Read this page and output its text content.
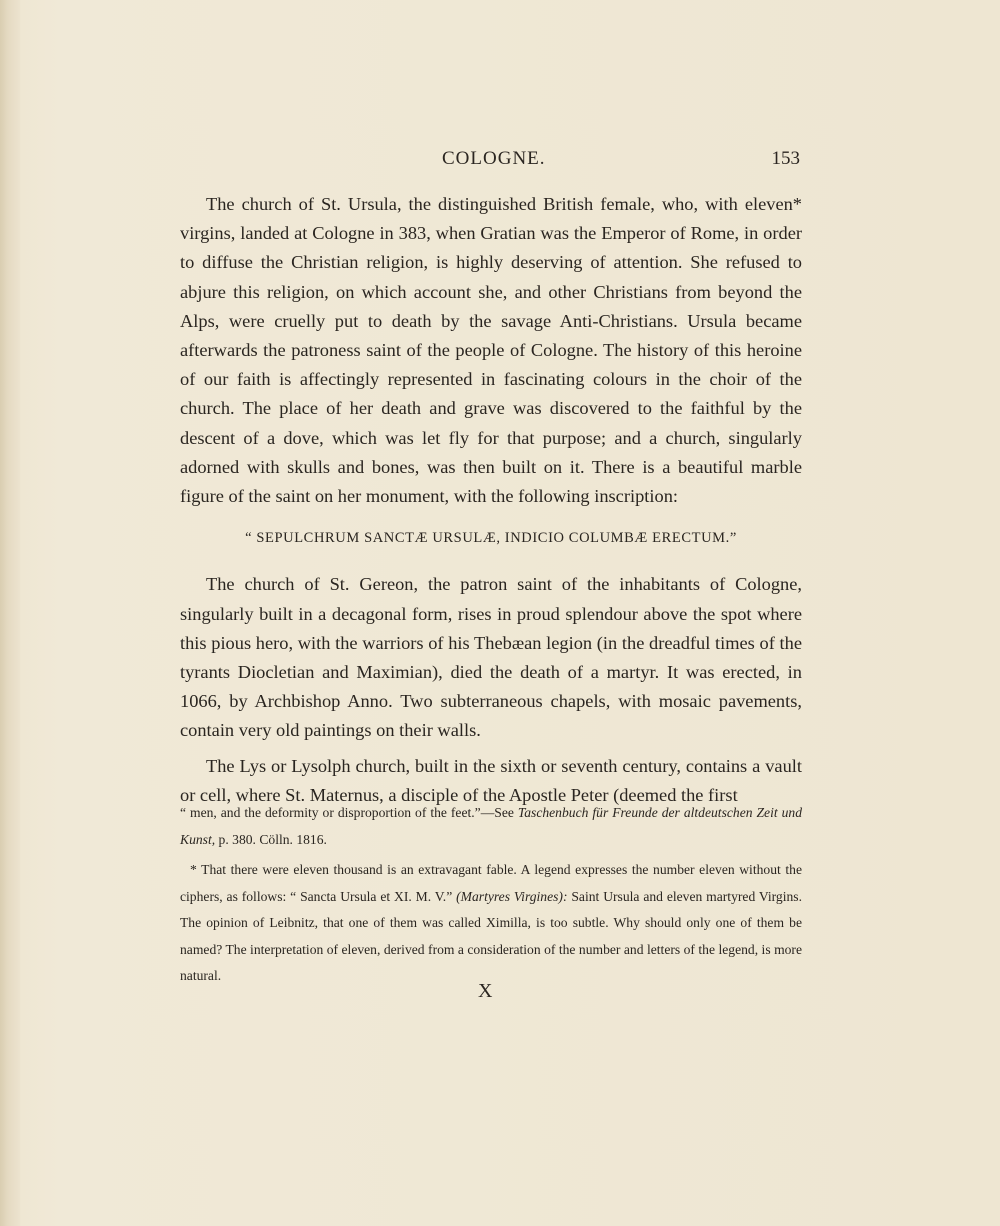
COLOGNE.	153

The church of St. Ursula, the distinguished British female, who, with eleven* virgins, landed at Cologne in 383, when Gratian was the Emperor of Rome, in order to diffuse the Christian religion, is highly deserving of attention. She refused to abjure this religion, on which account she, and other Christians from beyond the Alps, were cruelly put to death by the savage Anti-Christians. Ursula became afterwards the patroness saint of the people of Cologne. The history of this heroine of our faith is affectingly represented in fascinating colours in the choir of the church. The place of her death and grave was discovered to the faithful by the descent of a dove, which was let fly for that purpose; and a church, singularly adorned with skulls and bones, was then built on it. There is a beautiful marble figure of the saint on her monument, with the following inscription:

“ SEPULCHRUM SANCTÆ URSULÆ, INDICIO COLUMBÆ ERECTUM.”

The church of St. Gereon, the patron saint of the inhabitants of Cologne, singularly built in a decagonal form, rises in proud splendour above the spot where this pious hero, with the warriors of his Thebæan legion (in the dreadful times of the tyrants Diocletian and Maximian), died the death of a martyr. It was erected, in 1066, by Archbishop Anno. Two subterraneous chapels, with mosaic pavements, contain very old paintings on their walls.

The Lys or Lysolph church, built in the sixth or seventh century, contains a vault or cell, where St. Maternus, a disciple of the Apostle Peter (deemed the first

“ men, and the deformity or disproportion of the feet.”—See Taschenbuch für Freunde der altdeutschen Zeit und Kunst, p. 380. Cölln. 1816.

* That there were eleven thousand is an extravagant fable. A legend expresses the number eleven without the ciphers, as follows: “ Sancta Ursula et XI. M. V.” (Martyres Virgines): Saint Ursula and eleven martyred Virgins. The opinion of Leibnitz, that one of them was called Ximilla, is too subtle. Why should only one of them be named? The interpretation of eleven, derived from a consideration of the number and letters of the legend, is more natural.

X
